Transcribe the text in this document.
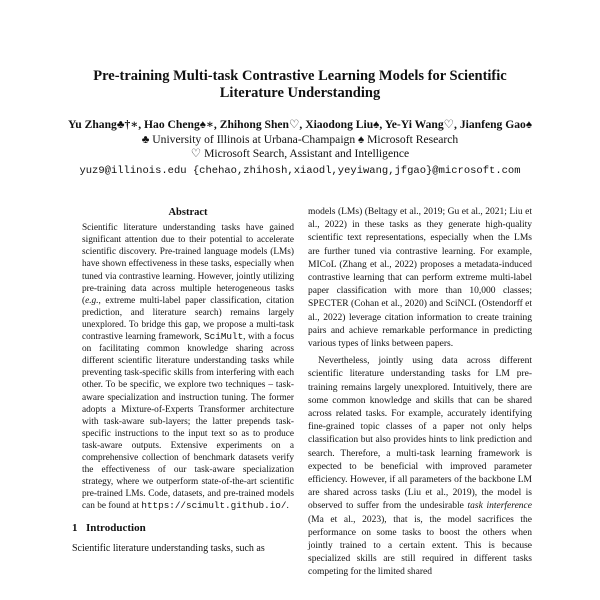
Pre-training Multi-task Contrastive Learning Models for Scientific Literature Understanding
Yu Zhang♣†∗, Hao Cheng♠∗, Zhihong Shen♡, Xiaodong Liu♠, Ye-Yi Wang♡, Jianfeng Gao♠
♣ University of Illinois at Urbana-Champaign ♠ Microsoft Research
♡ Microsoft Search, Assistant and Intelligence
yuz9@illinois.edu {chehao,zhihosh,xiaodl,yeyiwang,jfgao}@microsoft.com
Abstract
Scientific literature understanding tasks have gained significant attention due to their potential to accelerate scientific discovery. Pre-trained language models (LMs) have shown effectiveness in these tasks, especially when tuned via contrastive learning. However, jointly utilizing pre-training data across multiple heterogeneous tasks (e.g., extreme multi-label paper classification, citation prediction, and literature search) remains largely unexplored. To bridge this gap, we propose a multi-task contrastive learning framework, SciMult, with a focus on facilitating common knowledge sharing across different scientific literature understanding tasks while preventing task-specific skills from interfering with each other. To be specific, we explore two techniques – task-aware specialization and instruction tuning. The former adopts a Mixture-of-Experts Transformer architecture with task-aware sub-layers; the latter prepends task-specific instructions to the input text so as to produce task-aware outputs. Extensive experiments on a comprehensive collection of benchmark datasets verify the effectiveness of our task-aware specialization strategy, where we outperform state-of-the-art scientific pre-trained LMs. Code, datasets, and pre-trained models can be found at https://scimult.github.io/.
1 Introduction
Scientific literature understanding tasks, such as

models (LMs) (Beltagy et al., 2019; Gu et al., 2021; Liu et al., 2022) in these tasks as they generate high-quality scientific text representations, especially when the LMs are further tuned via contrastive learning. For example, MICoL (Zhang et al., 2022) proposes a metadata-induced contrastive learning that can perform extreme multi-label paper classification with more than 10,000 classes; SPECTER (Cohan et al., 2020) and SciNCL (Ostendorff et al., 2022) leverage citation information to create training pairs and achieve remarkable performance in predicting various types of links between papers.

Nevertheless, jointly using data across different scientific literature understanding tasks for LM pre-training remains largely unexplored. Intuitively, there are some common knowledge and skills that can be shared across related tasks. For example, accurately identifying fine-grained topic classes of a paper not only helps classification but also provides hints to link prediction and search. Therefore, a multi-task learning framework is expected to be beneficial with improved parameter efficiency. However, if all parameters of the backbone LM are shared across tasks (Liu et al., 2019), the model is observed to suffer from the undesirable task interference (Ma et al., 2023), that is, the model sacrifices the performance on some tasks to boost the others when jointly trained to a certain extent. This is because specialized skills are still required in different tasks competing for the limited shared
